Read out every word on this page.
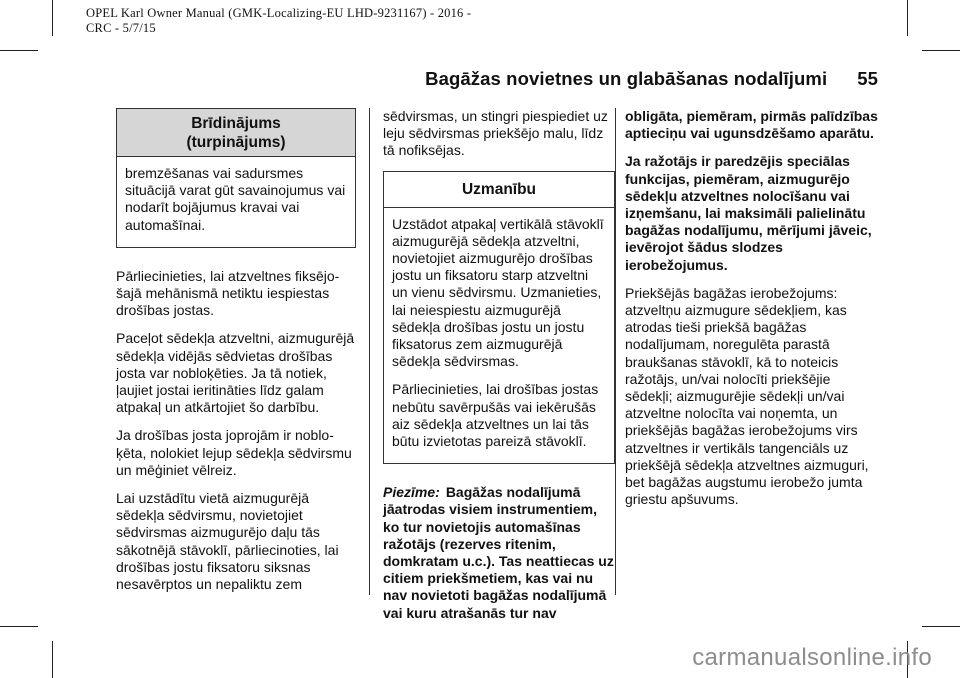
OPEL Karl Owner Manual (GMK-Localizing-EU LHD-9231167) - 2016 -
CRC - 5/7/15
Bagāžas novietnes un glabāšanas nodalījumi 55
Brīdinājums
(turpinājums)

bremzēšanas vai sadursmes situācijā varat gūt savainojumus vai nodarīt bojājumus kravai vai automašīnai.

Pārliecinieties, lai atzveltnes fiksējošajā mehānismā netiktu iespiestas drošības jostas.

Paceļot sēdekļa atzveltni, aizmugurējā sēdekļa vidējās sēdvietas drošības josta var nobloķēties. Ja tā notiek, ļaujiet jostai ieritināties līdz galam atpakaļ un atkārtojiet šo darbību.

Ja drošības josta joprojām ir nobloķēta, nolokiet lejup sēdekļa sēdvirsmu un mēģiniet vēlreiz.

Lai uzstādītu vietā aizmugurējā sēdekļa sēdvirsmu, novietojiet sēdvirsmas aizmugurējo daļu tās sākotnējā stāvoklī, pārliecinoties, lai drošības jostu fiksatoru siksnas nesavērptos un nepaliktu zem

sēdvirsmas, un stingri piespiediet uz leju sēdvirsmas priekšējo malu, līdz tā nofiksējas.

Uzmanību

Uzstādot atpakaļ vertikālā stāvoklī aizmugurējā sēdekļa atzveltni, novietojiet aizmugurējo drošības jostu un fiksatoru starp atzveltni un vienu sēdvirsmu. Uzmanieties, lai neiespiestu aizmugurējā sēdekļa drošības jostu un jostu fiksatorus zem aizmugurējā sēdekļa sēdvirsmas.

Pārliecinieties, lai drošības jostas nebūtu savērpušās vai iekērušās aiz sēdekļa atzveltnes un lai tās būtu izvietotas pareizā stāvoklī.

Piezīme: Bagāžas nodalījumā jāatrodas visiem instrumentiem, ko tur novietojis automašīnas ražotājs (rezerves ritenim, domkratam u.c.). Tas neattiecas uz citiem priekšmetiem, kas vai nu nav novietoti bagāžas nodalījumā vai kuru atrašanās tur nav

obligāta, piemēram, pirmās palīdzības aptieciņu vai ugunsdzēšamo aparātu.

Ja ražotājs ir paredzējis speciālas funkcijas, piemēram, aizmugurējo sēdekļu atzveltnes nolocīšanu vai izņemšanu, lai maksimāli palielinātu bagāžas nodalījumu, mērījumi jāveic, ievērojot šādus slodzes ierobežojumus.

Priekšējās bagāžas ierobežojums: atzveltņu aizmugure sēdekļiem, kas atrodas tieši priekšā bagāžas nodalījumam, noregulēta parastā braukšanas stāvoklī, kā to noteicis ražotājs, un/vai nolocīti priekšējie sēdekļi; aizmugurējie sēdekļi un/vai atzveltne nolocīta vai noņemta, un priekšējās bagāžas ierobežojums virs atzveltnes ir vertikāls tangenciāls uz priekšējā sēdekļa atzveltnes aizmuguri, bet bagāžas augstumu ierobežo jumta griestu apšuvums.

carmanualsonline.info
